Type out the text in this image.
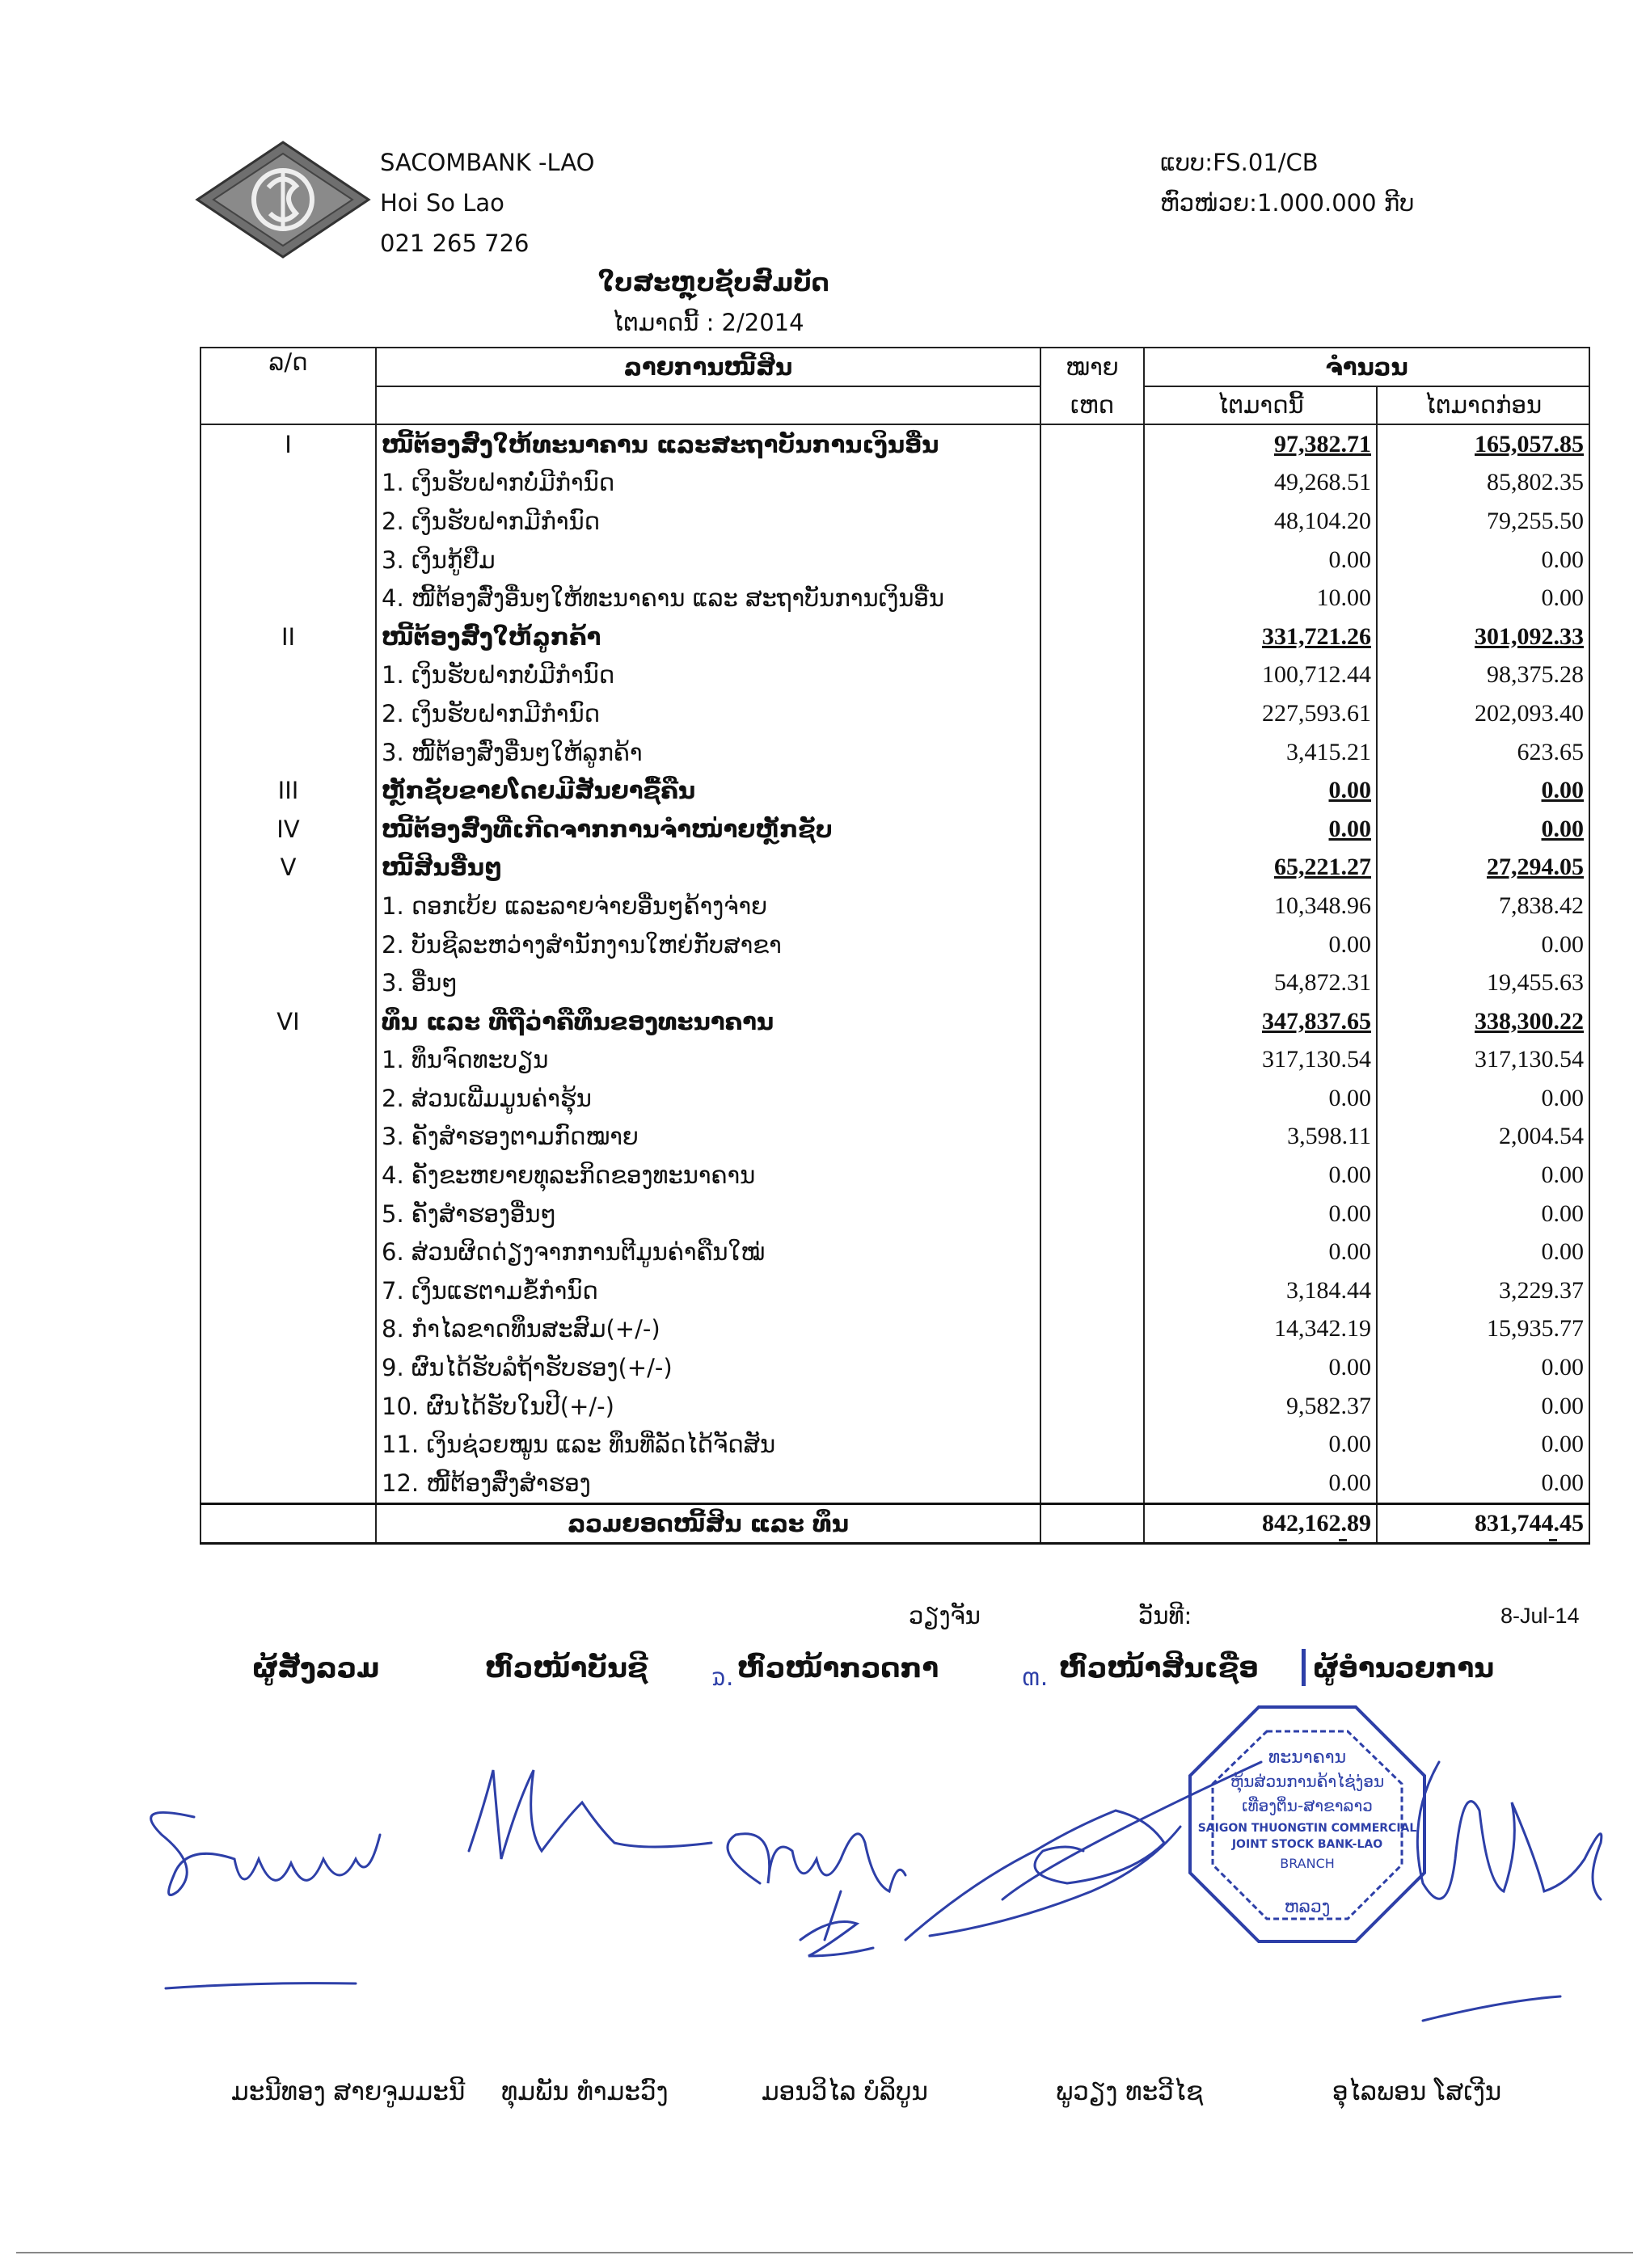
SACOMBANK -LAO
Hoi So Lao
021 265 726
ແບບ:FS.01/CB
ຫົວໜ່ວຍ:1.000.000 ກີບ
ໃບສະຫຼຸບຊັບສົມບັດ
ໄຕມາດນີ້ : 2/2014
ລ/ດ	ລາຍການໜີ້ສິນ	ໝາຍ	ຈຳນວນ	
		ເຫດ	ໄຕມາດນີ້	ໄຕມາດກ່ອນ
I	ໜີ້ຕ້ອງສົ່ງໃຫ້ທະນາຄານ ແລະສະຖາບັນການເງິນອື່ນ		97,382.71	165,057.85
	1. ເງິນຮັບຝາກບໍ່ມີກຳນົດ		49,268.51	85,802.35
	2. ເງິນຮັບຝາກມີກຳນົດ		48,104.20	79,255.50
	3. ເງິນກູ້ຢືມ		0.00	0.00
	4. ໜີ້ຕ້ອງສົ່ງອື່ນໆໃຫ້ທະນາຄານ ແລະ ສະຖາບັນການເງິນອື່ນ		10.00	0.00
II	ໜີ້ຕ້ອງສົ່ງໃຫ້ລູກຄ້າ		331,721.26	301,092.33
	1. ເງິນຮັບຝາກບໍ່ມີກຳນົດ		100,712.44	98,375.28
	2. ເງິນຮັບຝາກມີກຳນົດ		227,593.61	202,093.40
	3. ໜີ້ຕ້ອງສົ່ງອື່ນໆໃຫ້ລູກຄ້າ		3,415.21	623.65
III	ຫຼັກຊັບຂາຍໂດຍມີສັນຍາຊື້ຄືນ		0.00	0.00
IV	ໜີ້ຕ້ອງສົ່ງທີ່ເກີດຈາກການຈໍາໜ່າຍຫຼັກຊັບ		0.00	0.00
V	ໜີ້ສິນອື່ນໆ		65,221.27	27,294.05
	1. ດອກເບ້ຍ ແລະລາຍຈ່າຍອື່ນໆຄ້າງຈ່າຍ		10,348.96	7,838.42
	2. ບັນຊີລະຫວ່າງສຳນັກງານໃຫຍ່ກັບສາຂາ		0.00	0.00
	3. ອື່ນໆ		54,872.31	19,455.63
VI	ທຶນ ແລະ ທີ່ຖືວ່າຄືທຶນຂອງທະນາຄານ		347,837.65	338,300.22
	1. ທຶນຈົດທະບຽນ		317,130.54	317,130.54
	2. ສ່ວນເພີ່ມມູນຄ່າຮຸ້ນ		0.00	0.00
	3. ຄັງສຳຮອງຕາມກົດໝາຍ		3,598.11	2,004.54
	4. ຄັງຂະຫຍາຍທຸລະກິດຂອງທະນາຄານ		0.00	0.00
	5. ຄັງສຳຮອງອື່ນໆ		0.00	0.00
	6. ສ່ວນຜິດດ່ຽງຈາກການຕີມູນຄ່າຄືນໃໝ່		0.00	0.00
	7. ເງິນແຮຕາມຂໍ້ກຳນົດ		3,184.44	3,229.37
	8. ກຳໄລຂາດທຶນສະສົມ(+/-)		14,342.19	15,935.77
	9. ຜົນໄດ້ຮັບລໍຖ້າຮັບຮອງ(+/-)		0.00	0.00
	10. ຜົນໄດ້ຮັບໃນປີ(+/-)		9,582.37	0.00
	11. ເງິນຊ່ວຍໝູນ ແລະ ທຶນທີ່ລັດໄດ້ຈັດສັນ		0.00	0.00
	12. ໜີ້ຕ້ອງສົ່ງສຳຮອງ		0.00	0.00
	ລວມຍອດໜີ້ສິນ ແລະ ທຶນ		842,162.89	831,744.45
ວຽງຈັນ	ວັນທີ:	8-Jul-14
ຜູ້ສັງລວມ	ຫົວໜ້າບັນຊີ	ຫົວໜ້າກວດກາ	ຫົວໜ້າສິນເຊື່ອ ຜູ້ອຳນວຍການ
ຉ.	ຓ.
ທະນາຄານ
ຫຸ້ນສ່ວນການຄ້າໄຊ່ງ່ອນ
ເທືອງຕິ່ນ-ສາຂາລາວ
SAIGON THUONGTIN COMMERCIAL
JOINT STOCK BANK-LAO
BRANCH
ຫລວງ
ມະນີທອງ ສາຍຈູມມະນີ ທຸມພັນ ທຳມະວົງ	ມອນວິໄລ ບໍລິບູນ	ພູວຽງ ທະວີໄຊ	ອຸໄລພອນ ໂສເງີນ
